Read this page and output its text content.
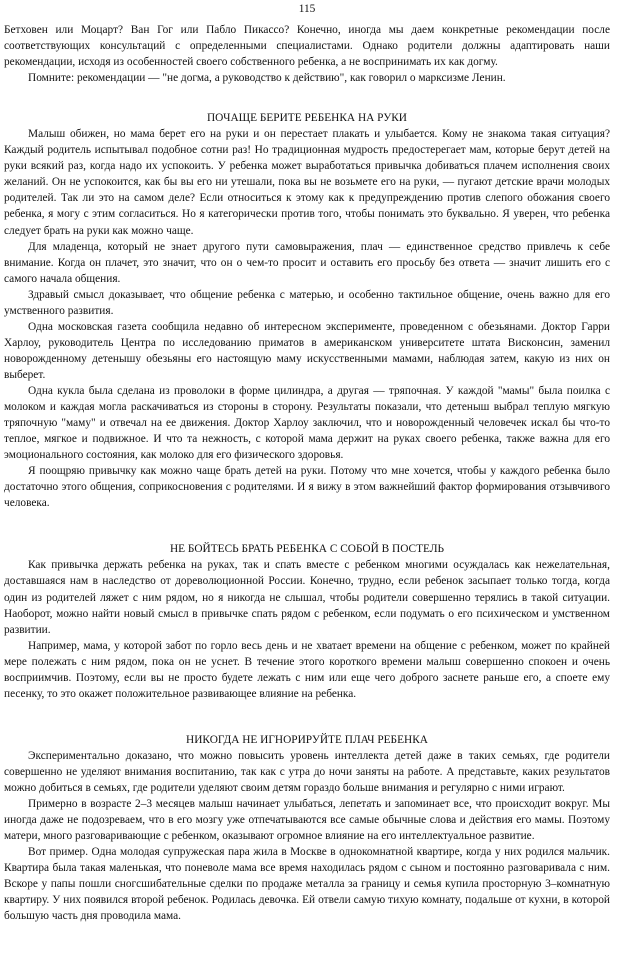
115

Бетховен или Моцарт? Ван Гог или Пабло Пикассо? Конечно, иногда мы даем конкретные рекомендации после соответствующих консультаций с определенными специалистами. Однако родители должны адаптировать наши рекомендации, исходя из особенностей своего собственного ребенка, а не воспринимать их как догму.

Помните: рекомендации — "не догма, а руководство к действию", как говорил о марксизме Ленин.

ПОЧАЩЕ БЕРИТЕ РЕБЕНКА НА РУКИ

Малыш обижен, но мама берет его на руки и он перестает плакать и улыбается. Кому не знакома такая ситуация? Каждый родитель испытывал подобное сотни раз! Но традиционная мудрость предостерегает мам, которые берут детей на руки всякий раз, когда надо их успокоить. У ребенка может выработаться привычка добиваться плачем исполнения своих желаний. Он не успокоится, как бы вы его ни утешали, пока вы не возьмете его на руки, — пугают детские врачи молодых родителей. Так ли это на самом деле? Если относиться к этому как к предупреждению против слепого обожания своего ребенка, я могу с этим согласиться. Но я категорически против того, чтобы понимать это буквально. Я уверен, что ребенка следует брать на руки как можно чаще.

Для младенца, который не знает другого пути самовыражения, плач — единственное средство привлечь к себе внимание. Когда он плачет, это значит, что он о чем-то просит и оставить его просьбу без ответа — значит лишить его с самого начала общения.

Здравый смысл доказывает, что общение ребенка с матерью, и особенно тактильное общение, очень важно для его умственного развития.

Одна московская газета сообщила недавно об интересном эксперименте, проведенном с обезьянами. Доктор Гарри Харлоу, руководитель Центра по исследованию приматов в американском университете штата Висконсин, заменил новорожденному детенышу обезьяны его настоящую маму искусственными мамами, наблюдая затем, какую из них он выберет.

Одна кукла была сделана из проволоки в форме цилиндра, а другая — тряпочная. У каждой "мамы" была поилка с молоком и каждая могла раскачиваться из стороны в сторону. Результаты показали, что детеныш выбрал теплую мягкую тряпочную "маму" и отвечал на ее движения. Доктор Харлоу заключил, что и новорожденный человечек искал бы что-то теплое, мягкое и подвижное. И что та нежность, с которой мама держит на руках своего ребенка, также важна для его эмоционального состояния, как молоко для его физического здоровья.

Я поощряю привычку как можно чаще брать детей на руки. Потому что мне хочется, чтобы у каждого ребенка было достаточно этого общения, соприкосновения с родителями. И я вижу в этом важнейший фактор формирования отзывчивого человека.

НЕ БОЙТЕСЬ БРАТЬ РЕБЕНКА С СОБОЙ В ПОСТЕЛЬ

Как привычка держать ребенка на руках, так и спать вместе с ребенком многими осуждалась как нежелательная, доставшаяся нам в наследство от дореволюционной России. Конечно, трудно, если ребенок засыпает только тогда, когда один из родителей ляжет с ним рядом, но я никогда не слышал, чтобы родители совершенно терялись в такой ситуации. Наоборот, можно найти новый смысл в привычке спать рядом с ребенком, если подумать о его психическом и умственном развитии.

Например, мама, у которой забот по горло весь день и не хватает времени на общение с ребенком, может по крайней мере полежать с ним рядом, пока он не уснет. В течение этого короткого времени малыш совершенно спокоен и очень восприимчив. Поэтому, если вы не просто будете лежать с ним или еще чего доброго заснете раньше его, а споете ему песенку, то это окажет положительное развивающее влияние на ребенка.

НИКОГДА НЕ ИГНОРИРУЙТЕ ПЛАЧ РЕБЕНКА

Экспериментально доказано, что можно повысить уровень интеллекта детей даже в таких семьях, где родители совершенно не уделяют внимания воспитанию, так как с утра до ночи заняты на работе. А представьте, каких результатов можно добиться в семьях, где родители уделяют своим детям гораздо больше внимания и регулярно с ними играют.

Примерно в возрасте 2–3 месяцев малыш начинает улыбаться, лепетать и запоминает все, что происходит вокруг. Мы иногда даже не подозреваем, что в его мозгу уже отпечатываются все самые обычные слова и действия его мамы. Поэтому матери, много разговаривающие с ребенком, оказывают огромное влияние на его интеллектуальное развитие.

Вот пример. Одна молодая супружеская пара жила в Москве в однокомнатной квартире, когда у них родился мальчик. Квартира была такая маленькая, что поневоле мама все время находилась рядом с сыном и постоянно разговаривала с ним. Вскоре у папы пошли сногсшибательные сделки по продаже металла за границу и семья купила просторную 3–комнатную квартиру. У них появился второй ребенок. Родилась девочка. Ей отвели самую тихую комнату, подальше от кухни, в которой большую часть дня проводила мама.
